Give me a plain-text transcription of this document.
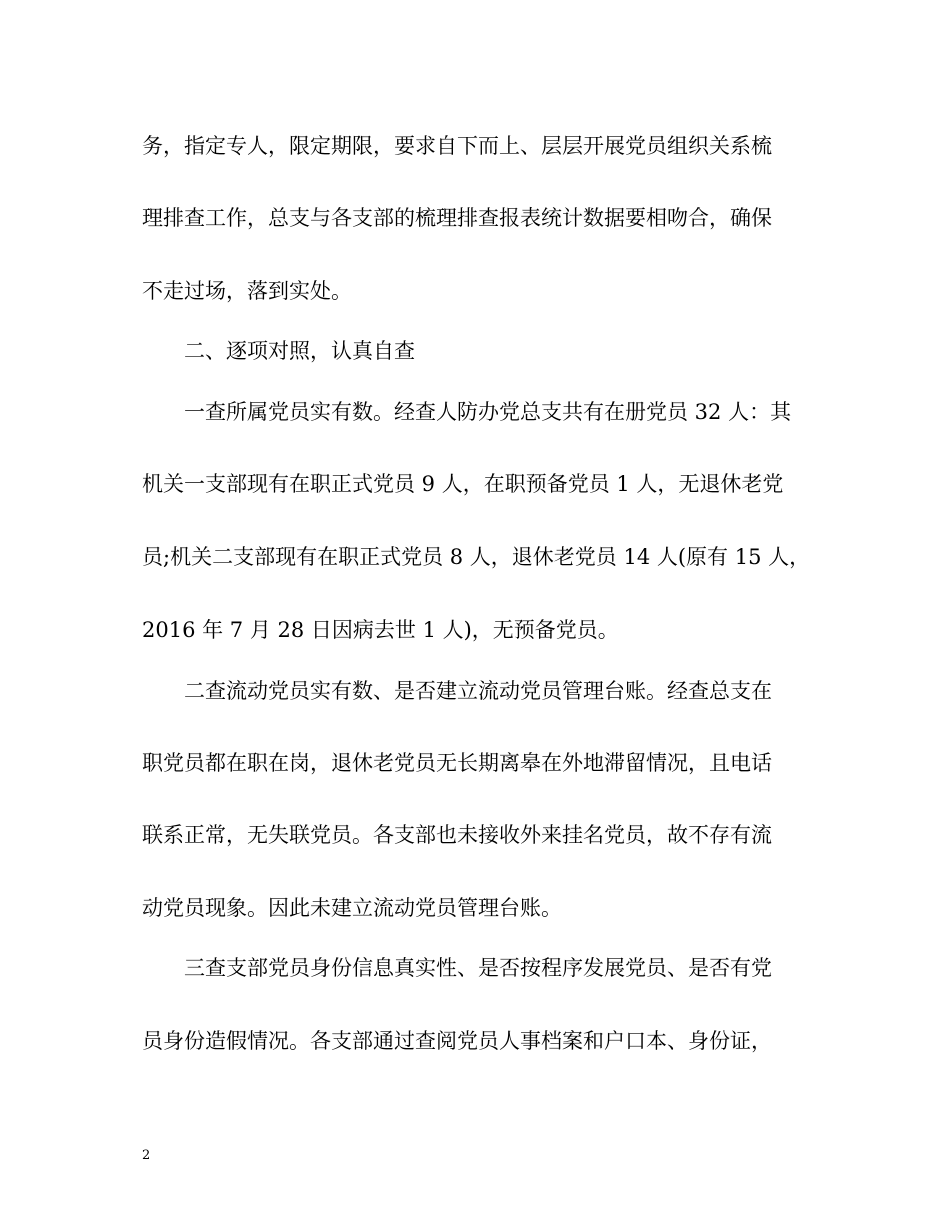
务，指定专人，限定期限，要求自下而上、层层开展党员组织关系梳
理排查工作，总支与各支部的梳理排查报表统计数据要相吻合，确保
不走过场，落到实处。
　　二、逐项对照，认真自查
　　一查所属党员实有数。经查人防办党总支共有在册党员 32 人：其
机关一支部现有在职正式党员 9 人，在职预备党员 1 人，无退休老党
员;机关二支部现有在职正式党员 8 人，退休老党员 14 人(原有 15 人，
2016 年 7 月 28 日因病去世 1 人)，无预备党员。
　　二查流动党员实有数、是否建立流动党员管理台账。经查总支在
职党员都在职在岗，退休老党员无长期离皋在外地滞留情况，且电话
联系正常，无失联党员。各支部也未接收外来挂名党员，故不存有流
动党员现象。因此未建立流动党员管理台账。
　　三查支部党员身份信息真实性、是否按程序发展党员、是否有党
员身份造假情况。各支部通过查阅党员人事档案和户口本、身份证，
2
